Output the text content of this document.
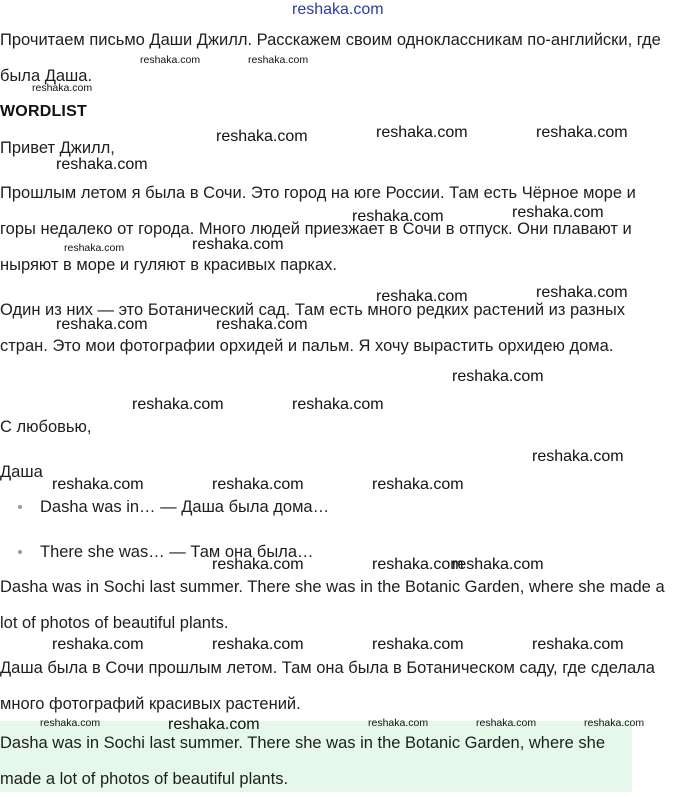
reshaka.com

Прочитаем письмо Даши Джилл. Расскажем своим одноклассникам по-английски, где была Даша.

WORDLIST

Привет Джилл,

Прошлым летом я была в Сочи. Это город на юге России. Там есть Чёрное море и горы недалеко от города. Много людей приезжает в Сочи в отпуск. Они плавают и ныряют в море и гуляют в красивых парках.

Один из них — это Ботанический сад. Там есть много редких растений из разных стран. Это мои фотографии орхидей и пальм. Я хочу вырастить орхидею дома.

С любовью,

Даша

Dasha was in… — Даша была дома…
There she was… — Там она была…

Dasha was in Sochi last summer. There she was in the Botanic Garden, where she made a lot of photos of beautiful plants.

Даша была в Сочи прошлым летом. Там она была в Ботаническом саду, где сделала много фотографий красивых растений.

Dasha was in Sochi last summer. There she was in the Botanic Garden, where she made a lot of photos of beautiful plants.

reshaka.com	reshaka.com
reshaka.com
reshaka.com	reshaka.com	reshaka.com
reshaka.com
reshaka.com	reshaka.com
reshaka.com	reshaka.com
reshaka.com	reshaka.com
reshaka.com	reshaka.com
reshaka.com
reshaka.com	reshaka.com
reshaka.com
reshaka.com	reshaka.com	reshaka.com
reshaka.com	reshaka.com
reshaka.com
reshaka.com	reshaka.com	reshaka.com	reshaka.com
reshaka.com	reshaka.com	reshaka.com	reshaka.com	reshaka.com
